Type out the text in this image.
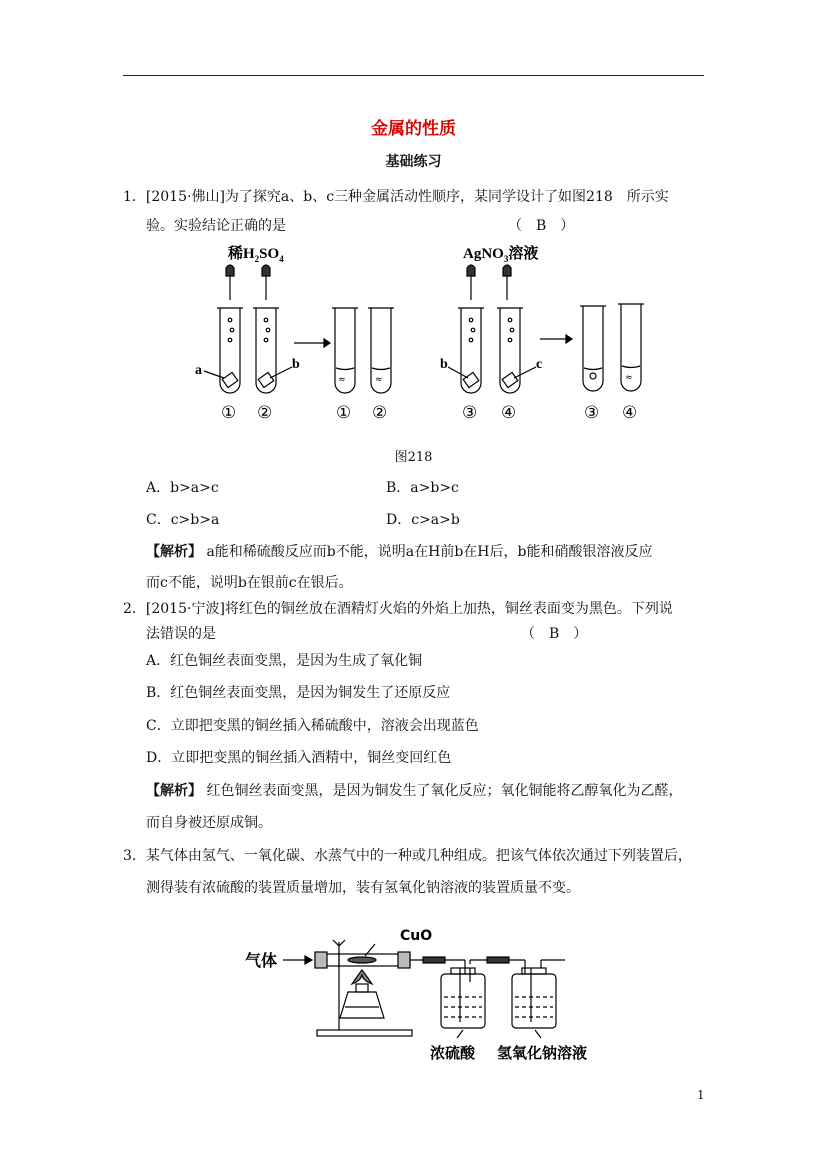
金属的性质
基础练习
1．[2015·佛山]为了探究a、b、c三种金属活动性顺序，某同学设计了如图218　所示实
验。实验结论正确的是	（　B　）
稀$H_2SO_4$	AgNO$_3$溶液
≈	≈	≈
a	b	b	c
① ②	① ②	③ ④	③ ④
图218
A．b>a>c	B．a>b>c
C．c>b>a	D．c>a>b
【解析】 a能和稀硫酸反应而b不能，说明a在H前b在H后，b能和硝酸银溶液反应
而c不能，说明b在银前c在银后。
2．[2015·宁波]将红色的铜丝放在酒精灯火焰的外焰上加热，铜丝表面变为黑色。下列说
法错误的是	（　B　）
A．红色铜丝表面变黑，是因为生成了氧化铜
B．红色铜丝表面变黑，是因为铜发生了还原反应
C．立即把变黑的铜丝插入稀硫酸中，溶液会出现蓝色
D．立即把变黑的铜丝插入酒精中，铜丝变回红色
【解析】 红色铜丝表面变黑，是因为铜发生了氧化反应；氧化铜能将乙醇氧化为乙醛，
而自身被还原成铜。
3．某气体由氢气、一氧化碳、水蒸气中的一种或几种组成。把该气体依次通过下列装置后，
测得装有浓硫酸的装置质量增加，装有氢氧化钠溶液的装置质量不变。
气体
CuO
浓硫酸 氢氧化钠溶液
1
